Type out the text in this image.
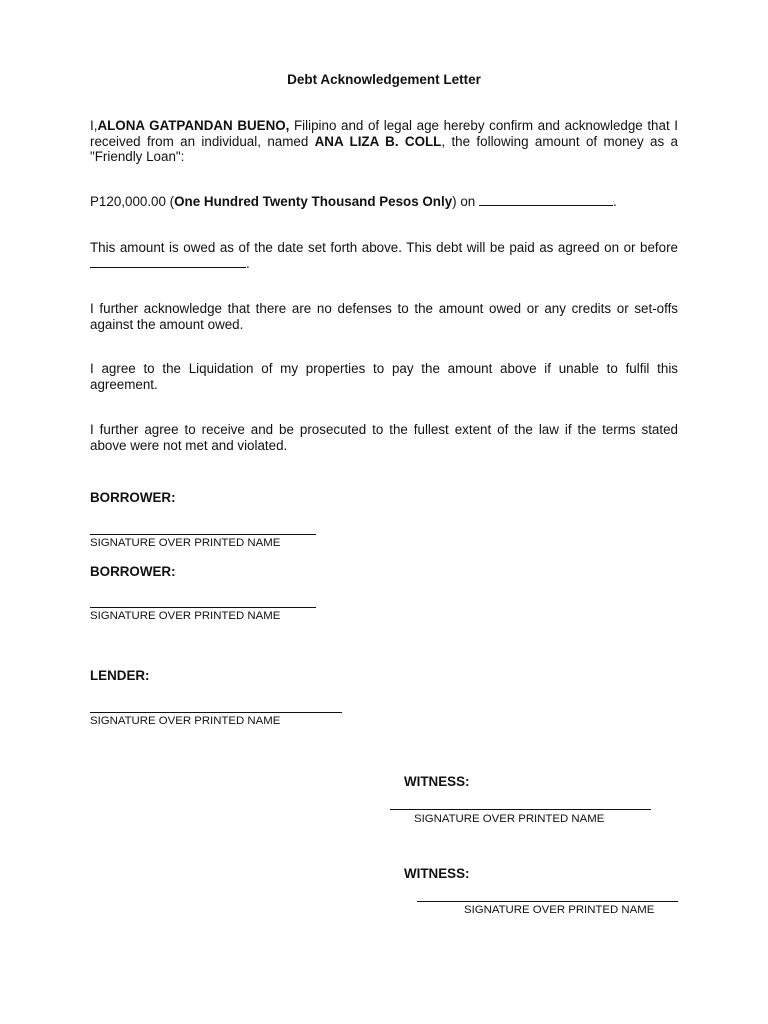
Debt Acknowledgement Letter
I,ALONA GATPANDAN BUENO, Filipino and of legal age hereby confirm and acknowledge that I received from an individual, named ANA LIZA B. COLL, the following amount of money as a "Friendly Loan":
P120,000.00 (One Hundred Twenty Thousand Pesos Only) on	.
This amount is owed as of the date set forth above. This debt will be paid as agreed on or before .
I further acknowledge that there are no defenses to the amount owed or any credits or set-offs against the amount owed.
I agree to the Liquidation of my properties to pay the amount above if unable to fulfil this agreement.
I further agree to receive and be prosecuted to the fullest extent of the law if the terms stated above were not met and violated.
BORROWER:
SIGNATURE OVER PRINTED NAME
BORROWER:
SIGNATURE OVER PRINTED NAME
LENDER:
SIGNATURE OVER PRINTED NAME
WITNESS:
SIGNATURE OVER PRINTED NAME
WITNESS:
SIGNATURE OVER PRINTED NAME
